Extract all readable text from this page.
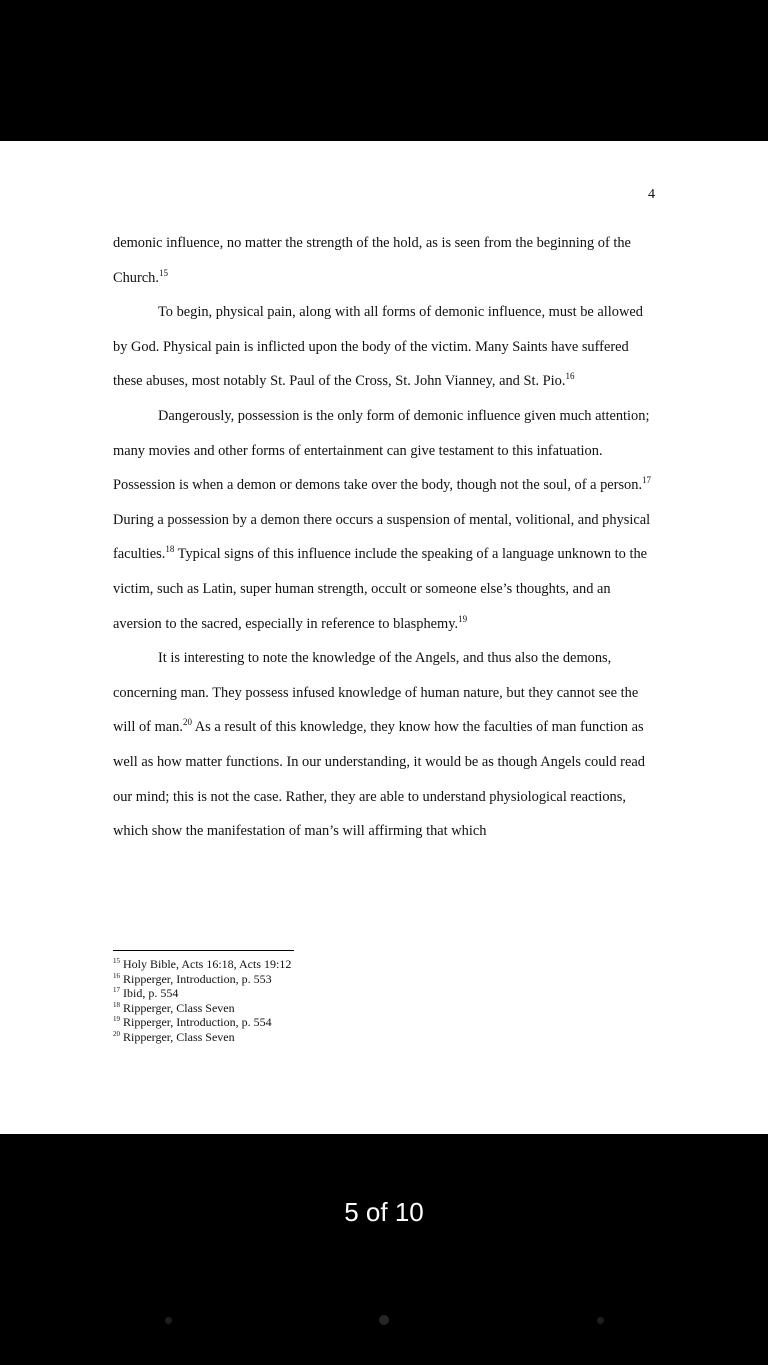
4

demonic influence, no matter the strength of the hold, as is seen from the beginning of the Church.$^{15}$

To begin, physical pain, along with all forms of demonic influence, must be allowed by God. Physical pain is inflicted upon the body of the victim. Many Saints have suffered these abuses, most notably St. Paul of the Cross, St. John Vianney, and St. Pio.$^{16}$

Dangerously, possession is the only form of demonic influence given much attention; many movies and other forms of entertainment can give testament to this infatuation. Possession is when a demon or demons take over the body, though not the soul, of a person.$^{17}$ During a possession by a demon there occurs a suspension of mental, volitional, and physical faculties.$^{18}$ Typical signs of this influence include the speaking of a language unknown to the victim, such as Latin, super human strength, occult or someone else’s thoughts, and an aversion to the sacred, especially in reference to blasphemy.$^{19}$

It is interesting to note the knowledge of the Angels, and thus also the demons, concerning man. They possess infused knowledge of human nature, but they cannot see the will of man.$^{20}$ As a result of this knowledge, they know how the faculties of man function as well as how matter functions. In our understanding, it would be as though Angels could read our mind; this is not the case. Rather, they are able to understand physiological reactions, which show the manifestation of man’s will affirming that which

$^{15}$ Holy Bible, Acts 16:18, Acts 19:12
$^{16}$ Ripperger, Introduction, p. 553
$^{17}$ Ibid, p. 554
$^{18}$ Ripperger, Class Seven
$^{19}$ Ripperger, Introduction, p. 554
$^{20}$ Ripperger, Class Seven
5 of 10
